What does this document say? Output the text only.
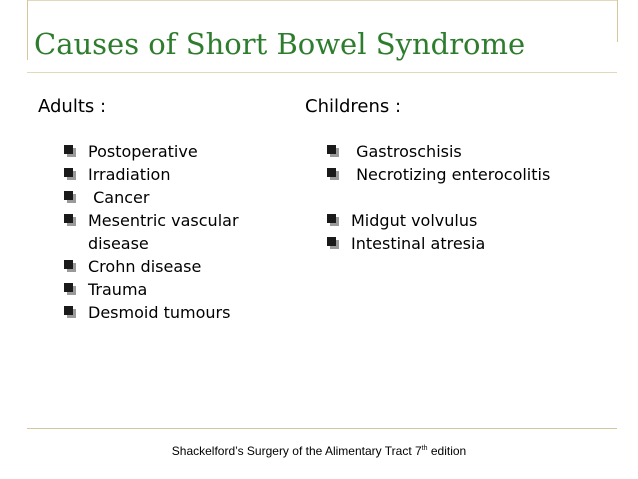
Causes of Short Bowel Syndrome
Adults :
Postoperative
Irradiation
Cancer
Mesentric vascular disease
Crohn disease
Trauma
Desmoid tumours
Childrens :
Gastroschisis
Necrotizing enterocolitis
Midgut volvulus
Intestinal atresia
Shackelford’s Surgery of the Alimentary Tract 7th edition
